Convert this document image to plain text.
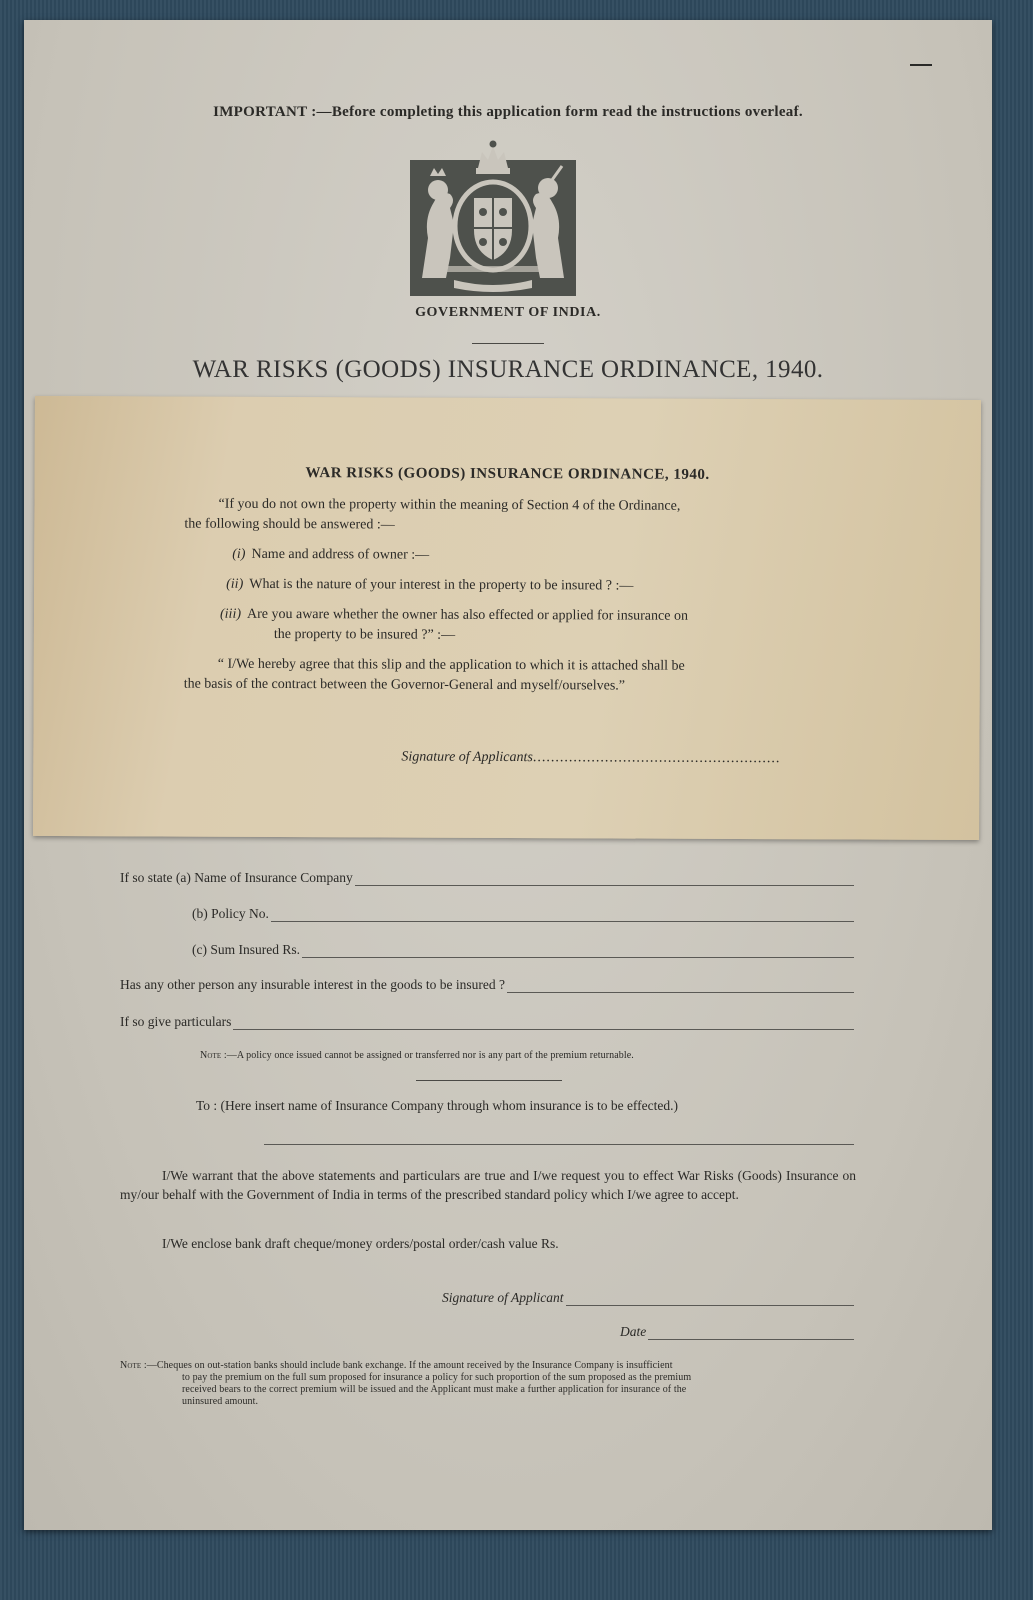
IMPORTANT :—Before completing this application form read the instructions overleaf.
GOVERNMENT OF INDIA.
WAR RISKS (GOODS) INSURANCE ORDINANCE, 1940.
If so state (a) Name of Insurance Company
(b) Policy No.
(c) Sum Insured Rs.
Has any other person any insurable interest in the goods to be insured ?
If so give particulars
Note :—A policy once issued cannot be assigned or transferred nor is any part of the premium returnable.
To : (Here insert name of Insurance Company through whom insurance is to be effected.)

I/We warrant that the above statements and particulars are true and I/we request you to effect War Risks (Goods) Insurance on my/our behalf with the Government of India in terms of the prescribed standard policy which I/we agree to accept.

I/We enclose bank draft cheque/money orders/postal order/cash value Rs.
Signature of Applicant
Date
Note :—Cheques on out-station banks should include bank exchange. If the amount received by the Insurance Company is insufficient
to pay the premium on the full sum proposed for insurance a policy for such proportion of the sum proposed as the premium
received bears to the correct premium will be issued and the Applicant must make a further application for insurance of the
uninsured amount.
WAR RISKS (GOODS) INSURANCE ORDINANCE, 1940.

“If you do not own the property within the meaning of Section 4 of the Ordinance,

the following should be answered :—

(i) Name and address of owner :—

(ii) What is the nature of your interest in the property to be insured ? :—

(iii) Are you aware whether the owner has also effected or applied for insurance on

the property to be insured ?” :—

“ I/We hereby agree that this slip and the application to which it is attached shall be

the basis of the contract between the Governor-General and myself/ourselves.”

Signature of Applicants.......................................................
